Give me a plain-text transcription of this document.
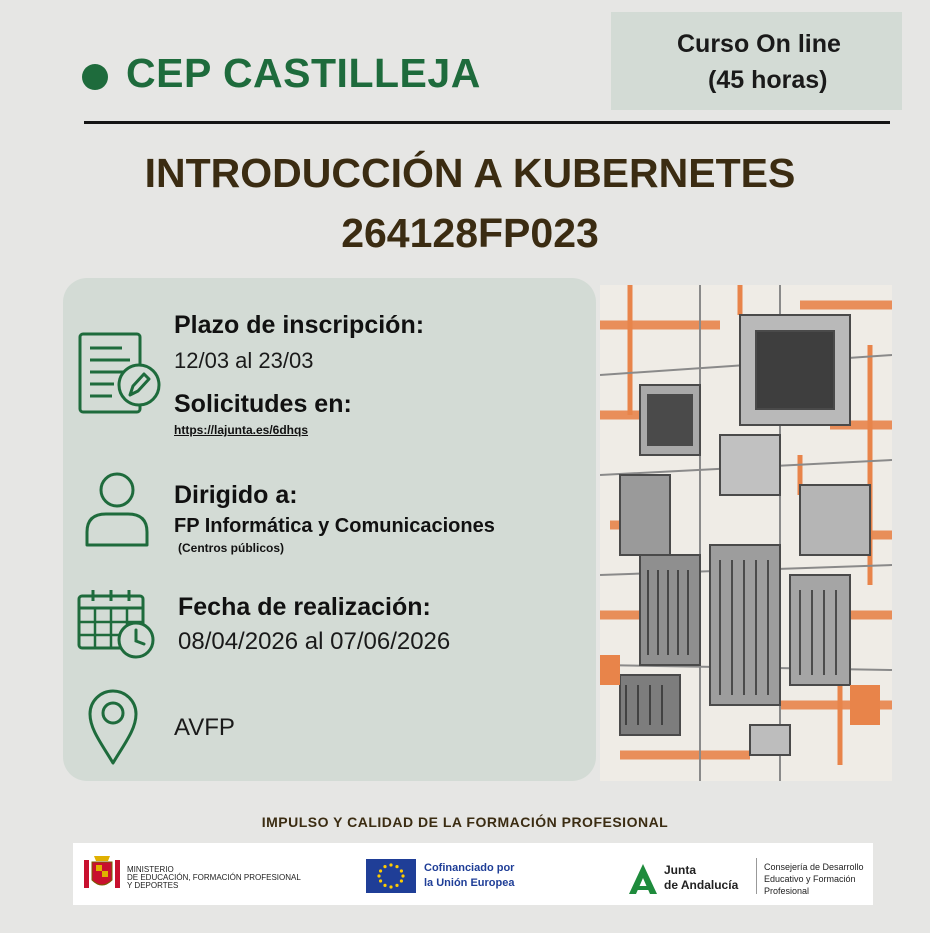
CEP CASTILLEJA
Curso On line
(45 horas)
INTRODUCCIÓN A KUBERNETES
264128FP023
Plazo de inscripción:
12/03 al 23/03
Solicitudes en:
https://lajunta.es/6dhqs
Dirigido a:
FP Informática y Comunicaciones
(Centros públicos)
Fecha de realización:
08/04/2026 al 07/06/2026
AVFP
IMPULSO Y CALIDAD DE LA FORMACIÓN PROFESIONAL
MINISTERIO
DE EDUCACIÓN, FORMACIÓN PROFESIONAL
Y DEPORTES
Cofinanciado por
la Unión Europea
Junta
de Andalucía
Consejería de Desarrollo
Educativo y Formación
Profesional
